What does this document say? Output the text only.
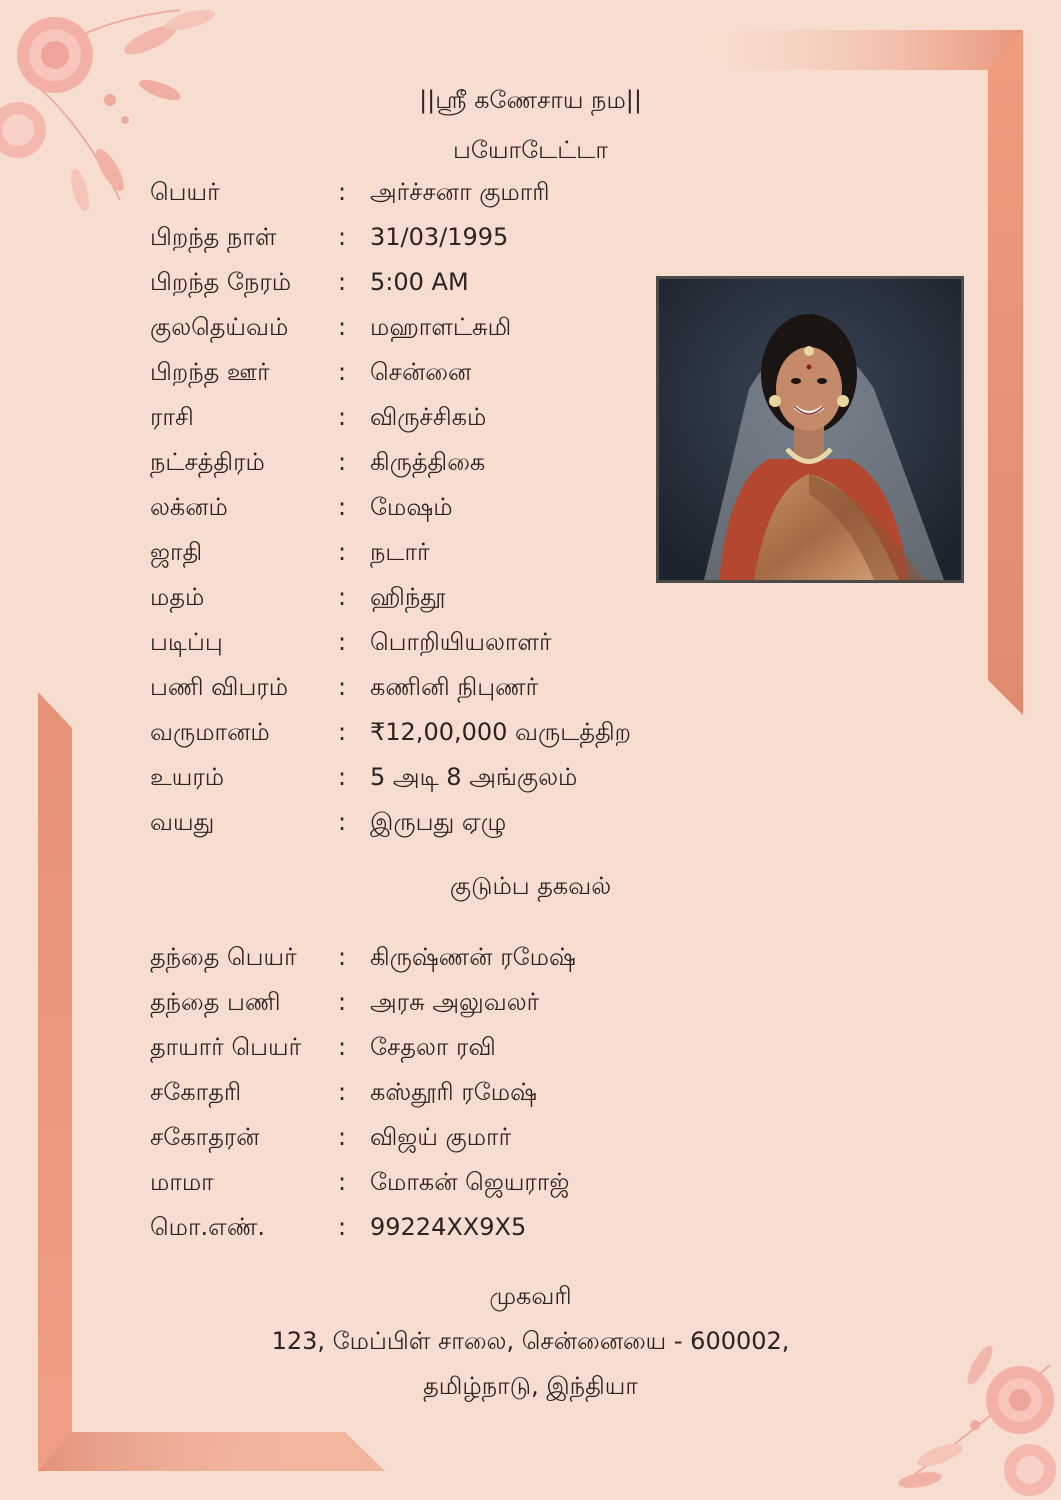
||ஸ்ரீ கணேசாய நம||
பயோடேட்டா
பெயர்	: அர்ச்சனா குமாரி
பிறந்த நாள்	: 31/03/1995
பிறந்த நேரம் : 5:00 AM
குலதெய்வம் : மஹாளட்சுமி
பிறந்த ஊர்	: சென்னை
ராசி	: விருச்சிகம்
நட்சத்திரம்	: கிருத்திகை
லக்னம்	: மேஷம்
ஜாதி	: நடார்
மதம்	: ஹிந்தூ
படிப்பு	: பொறியியலாளர்
பணி விபரம் : கணினி நிபுணர்
வருமானம்	: ₹12,00,000 வருடத்திற
உயரம்	: 5 அடி 8 அங்குலம்
வயது	: இருபது ஏழு
குடும்ப தகவல்
தந்தை பெயர் : கிருஷ்ணன் ரமேஷ்
தந்தை பணி : அரசு அலுவலர்
தாயார் பெயர் : சேதலா ரவி
சகோதரி	: கஸ்தூரி ரமேஷ்
சகோதரன்	: விஜய் குமார்
மாமா	: மோகன் ஜெயராஜ்
மொ.எண்.	: 99224XX9X5
முகவரி
123, மேப்பிள் சாலை, சென்னையை - 600002,
தமிழ்நாடு, இந்தியா
